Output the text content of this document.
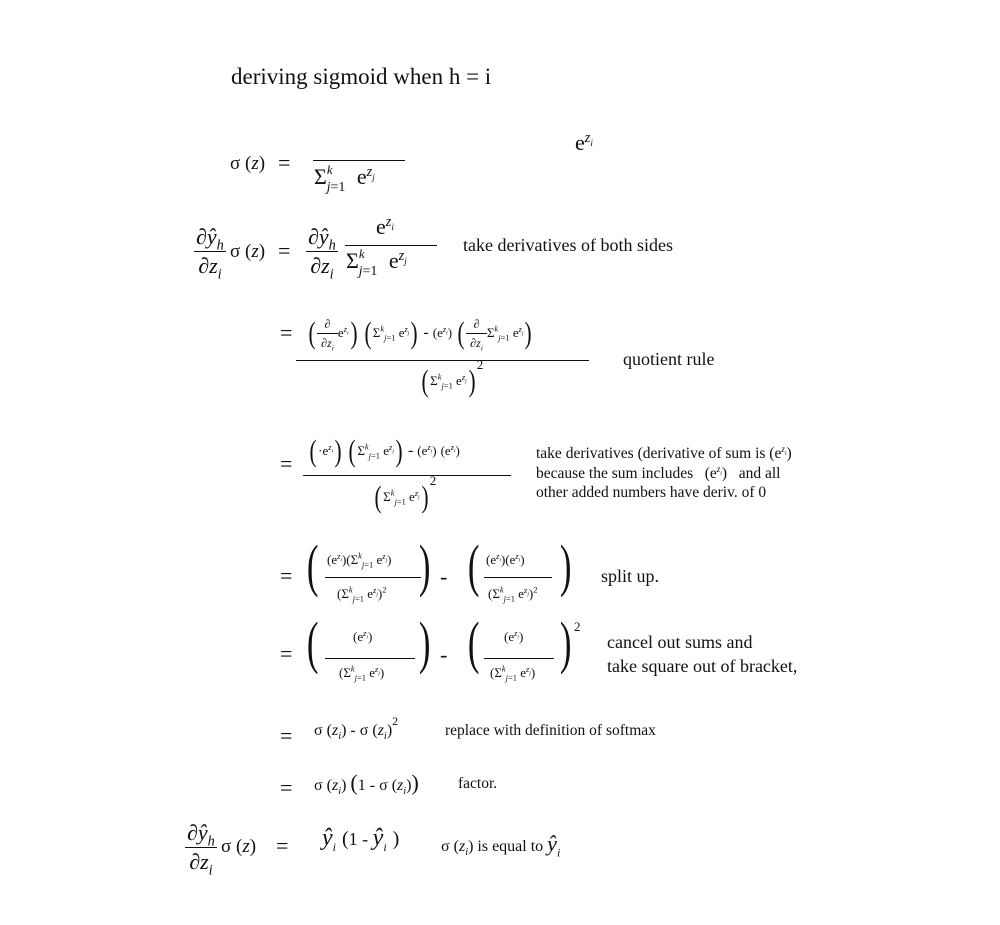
deriving sigmoid when h = i
σ (z) =
$e^{z_i}$
$\Sigma^k_{j=1}$ $e^{z_j}$
$\frac{\partial ŷ_h}{\partial z_i}$ σ $(z) = \frac{\partial ŷ_h}{\partial z_i} e^{z_i}$
$\Sigma^k_{j=1}$ $e^{z_j}$
take derivatives of both sides
= ( $\frac{\partial}{\partial z_i} e^{z_i}$) ( $\Sigma^k_{j=1}$ $e^{z_j}) - (e^{z_i})$ ( $\frac{\partial}{\partial z_i} \Sigma^k_{j=1}$ $e^{z_j}$)
( $\Sigma^k_{j=1}$ $e^{z_j}$) $^2$	quotient rule
= ( $\cdot e^{z_i}$) ( $\Sigma^k_{j=1}$ $e^{z_j}) - (e^{z_i})$ $(e^{z_i})$
( $\Sigma^k_{j=1}$ $e^{z_j}$) $^2$
take derivatives (derivative of sum is $(e^{z_i})$
because the sum includes   $(e^{z_i})$   and all
other added numbers have deriv. of 0
= ( $(e^{z_i})(\Sigma^k_{j=1}$ $e^{z_j}$)
($\Sigma^k_{j=1}$ $e^{z_j})^2$ ) - ( $(e^{z_i})(e^{z_i})$
($\Sigma^k_{j=1}$ $e^{z_j})^2$ ) split up.
= (	$(e^{z_i})$
($\Sigma^k_{j=1}$ $e^{z_j}$) ) - ( $(e^{z_i})$
($\Sigma^k_{j=1}$ $e^{z_j}$) ) 2
cancel out sums and
take square out of bracket,
= σ $(z_i)$ - σ $(z_i)^2$
replace with definition of softmax
= σ $(z_i)$ (1 - σ $(z_i)$)	factor.
$\frac{\partial ŷ_h}{\partial z_i}$ σ $(z) = ŷ_i$ ($1 - ŷ_i$ )	σ $(z_i)$ is equal to $ŷ_i$
